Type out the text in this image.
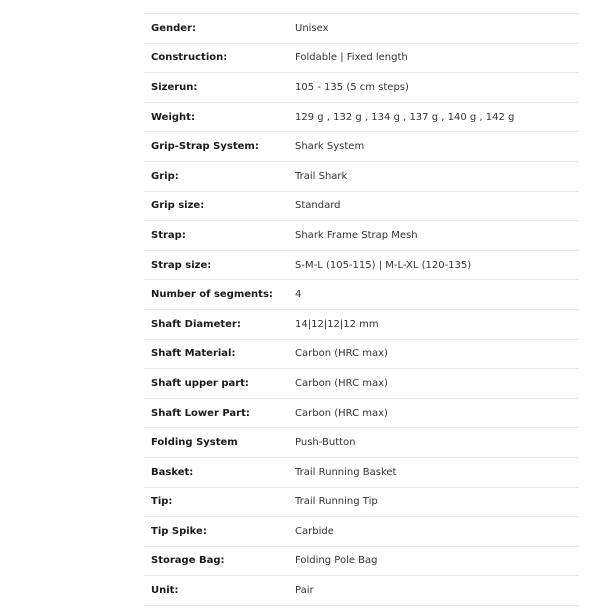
Gender:	Unisex
Construction:	Foldable | Fixed length
Sizerun:	105 - 135 (5 cm steps)
Weight:	129 g , 132 g , 134 g , 137 g , 140 g , 142 g
Grip-Strap System:	Shark System
Grip:	Trail Shark
Grip size:	Standard
Strap:	Shark Frame Strap Mesh
Strap size:	S-M-L (105-115) | M-L-XL (120-135)
Number of segments:	4
Shaft Diameter:	14|12|12|12 mm
Shaft Material:	Carbon (HRC max)
Shaft upper part:	Carbon (HRC max)
Shaft Lower Part:	Carbon (HRC max)
Folding System	Push-Button
Basket:	Trail Running Basket
Tip:	Trail Running Tip
Tip Spike:	Carbide
Storage Bag:	Folding Pole Bag
Unit:	Pair
